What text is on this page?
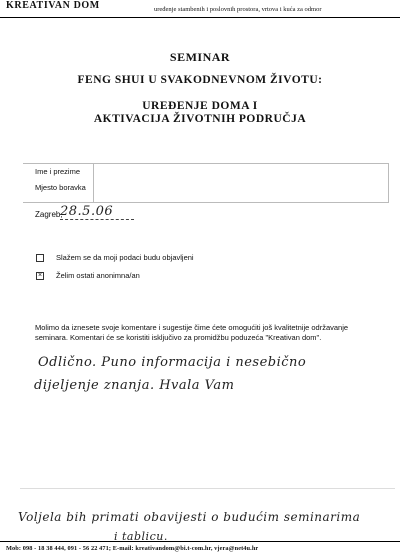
KREATIVAN DOM	uređenje stambenih i poslovnih prostora, vrtova i kuća za odmor
SEMINAR
FENG SHUI U SVAKODNEVNOM ŽIVOTU:
UREĐENJE DOMA I
AKTIVACIJA ŽIVOTNIH PODRUČJA
Ime i prezime
Mjesto boravka
Zagreb,
28.5.06
Slažem se da moji podaci budu objavljeni
× Želim ostati anonimna/an
Molimo da iznesete svoje komentare i sugestije čime ćete omogućiti još kvalitetnije održavanje seminara. Komentari će se koristiti isključivo za promidžbu poduzeća "Kreativan dom".
Odlično. Puno informacija i nesebično
dijeljenje znanja. Hvala Vam
Voljela bih primati obavijesti o budućim seminarima
i tablicu.
Mob: 098 - 18 38 444, 091 - 56 22 471; E-mail: kreativandom@bi.t-com.hr, vjera@net4u.hr
